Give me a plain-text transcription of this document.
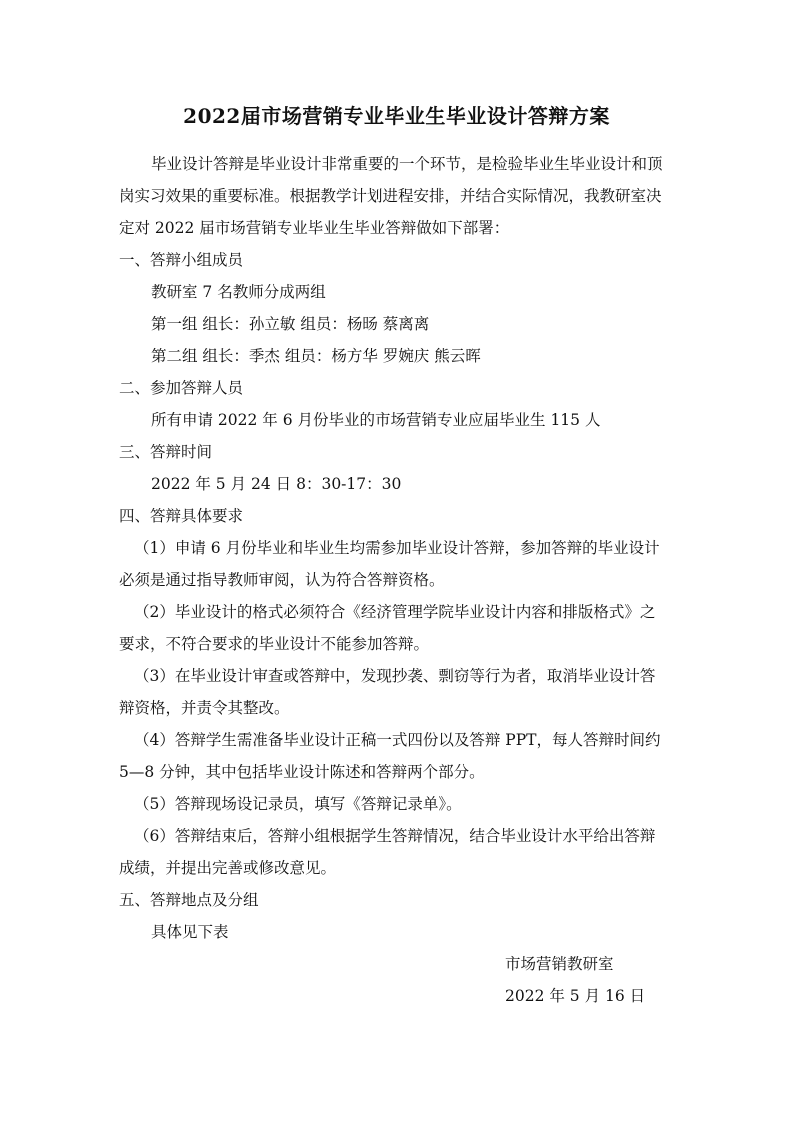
2022届市场营销专业毕业生毕业设计答辩方案
毕业设计答辩是毕业设计非常重要的一个环节，是检验毕业生毕业设计和顶
岗实习效果的重要标准。根据教学计划进程安排，并结合实际情况，我教研室决
定对 2022 届市场营销专业毕业生毕业答辩做如下部署：
一、答辩小组成员
教研室 7 名教师分成两组
第一组 组长：孙立敏 组员：杨旸 蔡离离
第二组 组长：季杰 组员：杨方华 罗婉庆 熊云晖
二、参加答辩人员
所有申请 2022 年 6 月份毕业的市场营销专业应届毕业生 115 人
三、答辩时间
2022 年 5 月 24 日 8：30-17：30
四、答辩具体要求
（1）申请 6 月份毕业和毕业生均需参加毕业设计答辩，参加答辩的毕业设计
必须是通过指导教师审阅，认为符合答辩资格。
（2）毕业设计的格式必须符合《经济管理学院毕业设计内容和排版格式》之
要求，不符合要求的毕业设计不能参加答辩。
（3）在毕业设计审查或答辩中，发现抄袭、剽窃等行为者，取消毕业设计答
辩资格，并责令其整改。
（4）答辩学生需准备毕业设计正稿一式四份以及答辩 PPT，每人答辩时间约
5—8 分钟，其中包括毕业设计陈述和答辩两个部分。
（5）答辩现场设记录员，填写《答辩记录单》。
（6）答辩结束后，答辩小组根据学生答辩情况，结合毕业设计水平给出答辩
成绩，并提出完善或修改意见。
五、答辩地点及分组
具体见下表
市场营销教研室
2022 年 5 月 16 日
